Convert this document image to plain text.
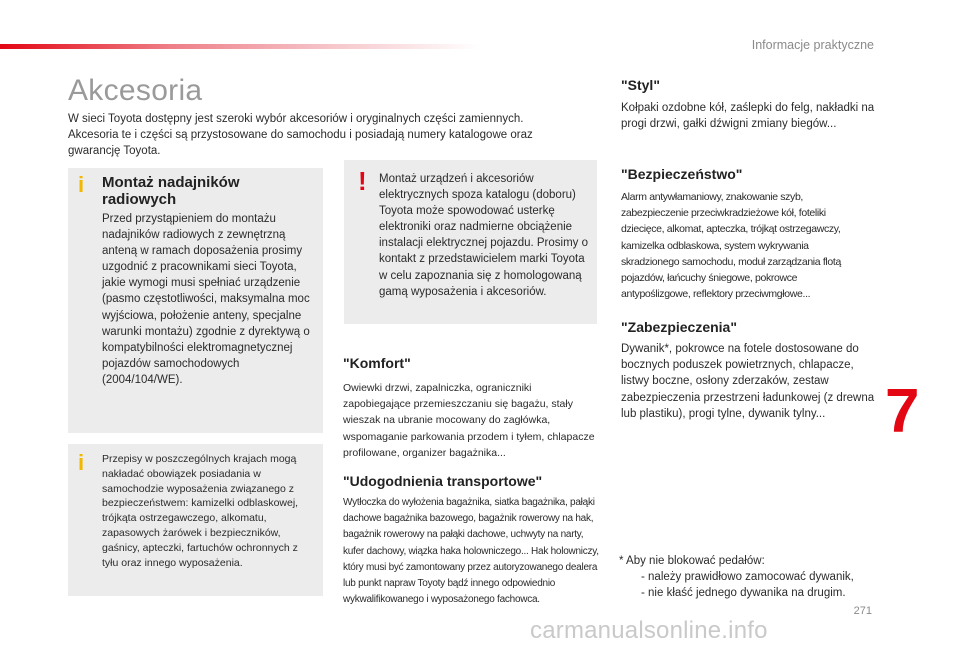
Informacje praktyczne
Akcesoria

W sieci Toyota dostępny jest szeroki wybór akcesoriów i oryginalnych części zamiennych. Akcesoria te i części są przystosowane do samochodu i posiadają numery katalogowe oraz gwarancję Toyota.

i Montaż nadajników radiowych

Przed przystąpieniem do montażu nadajników radiowych z zewnętrzną anteną w ramach doposażenia prosimy uzgodnić z pracownikami sieci Toyota, jakie wymogi musi spełniać urządzenie (pasmo częstotliwości, maksymalna moc wyjściowa, położenie anteny, specjalne warunki montażu) zgodnie z dyrektywą o kompatybilności elektromagnetycznej pojazdów samochodowych (2004/104/WE).

i	Przepisy w poszczególnych krajach mogą nakładać obowiązek posiadania w samochodzie wyposażenia związanego z bezpieczeństwem: kamizelki odblaskowej, trójkąta ostrzegawczego, alkomatu, zapasowych żarówek i bezpieczników, gaśnicy, apteczki, fartuchów ochronnych z tyłu oraz innego wyposażenia.

! Montaż urządzeń i akcesoriów elektrycznych spoza katalogu (doboru) Toyota może spowodować usterkę elektroniki oraz nadmierne obciążenie instalacji elektrycznej pojazdu. Prosimy o kontakt z przedstawicielem marki Toyota w celu zapoznania się z homologowaną gamą wyposażenia i akcesoriów.

"Komfort"

Owiewki drzwi, zapalniczka, ograniczniki zapobiegające przemieszczaniu się bagażu, stały wieszak na ubranie mocowany do zagłówka, wspomaganie parkowania przodem i tyłem, chlapacze profilowane, organizer bagażnika...

"Udogodnienia transportowe"

Wytłoczka do wyłożenia bagażnika, siatka bagażnika, pałąki dachowe bagażnika bazowego, bagażnik rowerowy na hak, bagażnik rowerowy na pałąki dachowe, uchwyty na narty, kufer dachowy, wiązka haka holowniczego... Hak holowniczy, który musi być zamontowany przez autoryzowanego dealera lub punkt napraw Toyoty bądź innego odpowiednio wykwalifikowanego i wyposażonego fachowca.

"Styl"

Kołpaki ozdobne kół, zaślepki do felg, nakładki na progi drzwi, gałki dźwigni zmiany biegów...

"Bezpieczeństwo"

Alarm antywłamaniowy, znakowanie szyb, zabezpieczenie przeciwkradzieżowe kół, foteliki dziecięce, alkomat, apteczka, trójkąt ostrzegawczy, kamizelka odblaskowa, system wykrywania skradzionego samochodu, moduł zarządzania flotą pojazdów, łańcuchy śniegowe, pokrowce antypoślizgowe, reflektory przeciwmgłowe...

"Zabezpieczenia"

Dywanik*, pokrowce na fotele dostosowane do bocznych poduszek powietrznych, chlapacze, listwy boczne, osłony zderzaków, zestaw zabezpieczenia przestrzeni ładunkowej (z drewna lub plastiku), progi tylne, dywanik tylny...

* Aby nie blokować pedałów:
- należy prawidłowo zamocować dywanik,
- nie kłaść jednego dywanika na drugim.

7
271
carmanualsonline.info
